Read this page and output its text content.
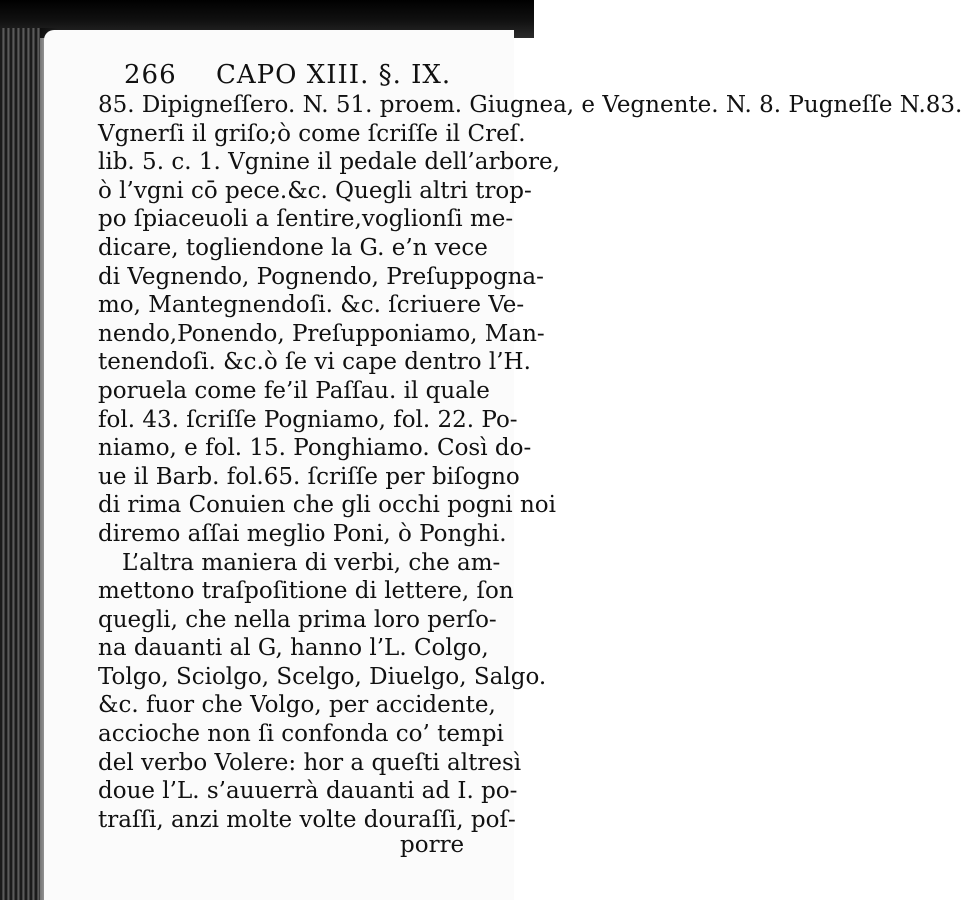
266 CAPO XIII. §. IX.
85. Dipigneſſero. N. 51. proem. Giugnea, e Vegnente. N. 8. Pugneſſe N.83.
Vgnerſi il griſo;ò come ſcriſſe il Creſ.
lib. 5. c. 1. Vgnine il pedale dell’arbore,
ò l’vgni cō pece.&c. Quegli altri trop-
po ſpiaceuoli a ſentire,voglionſi me-
dicare, togliendone la G. e’n vece
di Vegnendo, Pognendo, Preſuppogna-
mo, Mantegnendoſi. &c. ſcriuere Ve-
nendo,Ponendo, Preſupponiamo, Man-
tenendoſi. &c.ò ſe vi cape dentro l’H.
poruela come fe’il Paſſau. il quale
fol. 43. ſcriſſe Pogniamo, fol. 22. Po-
niamo, e fol. 15. Ponghiamo. Così do-
ue il Barb. fol.65. ſcriſſe per biſogno
di rima Conuien che gli occhi pogni noi
diremo aſſai meglio Poni, ò Ponghi.
L’altra maniera di verbi, che am-
mettono traſpoſitione di lettere, ſon
quegli, che nella prima loro perſo-
na dauanti al G, hanno l’L. Colgo,
Tolgo, Sciolgo, Scelgo, Diuelgo, Salgo.
&c. fuor che Volgo, per accidente,
accioche non ſi confonda co’ tempi
del verbo Volere: hor a queſti altresì
doue l’L. s’auuerrà dauanti ad I. po-
traſſi, anzi molte volte douraſſi, poſ-
porre
